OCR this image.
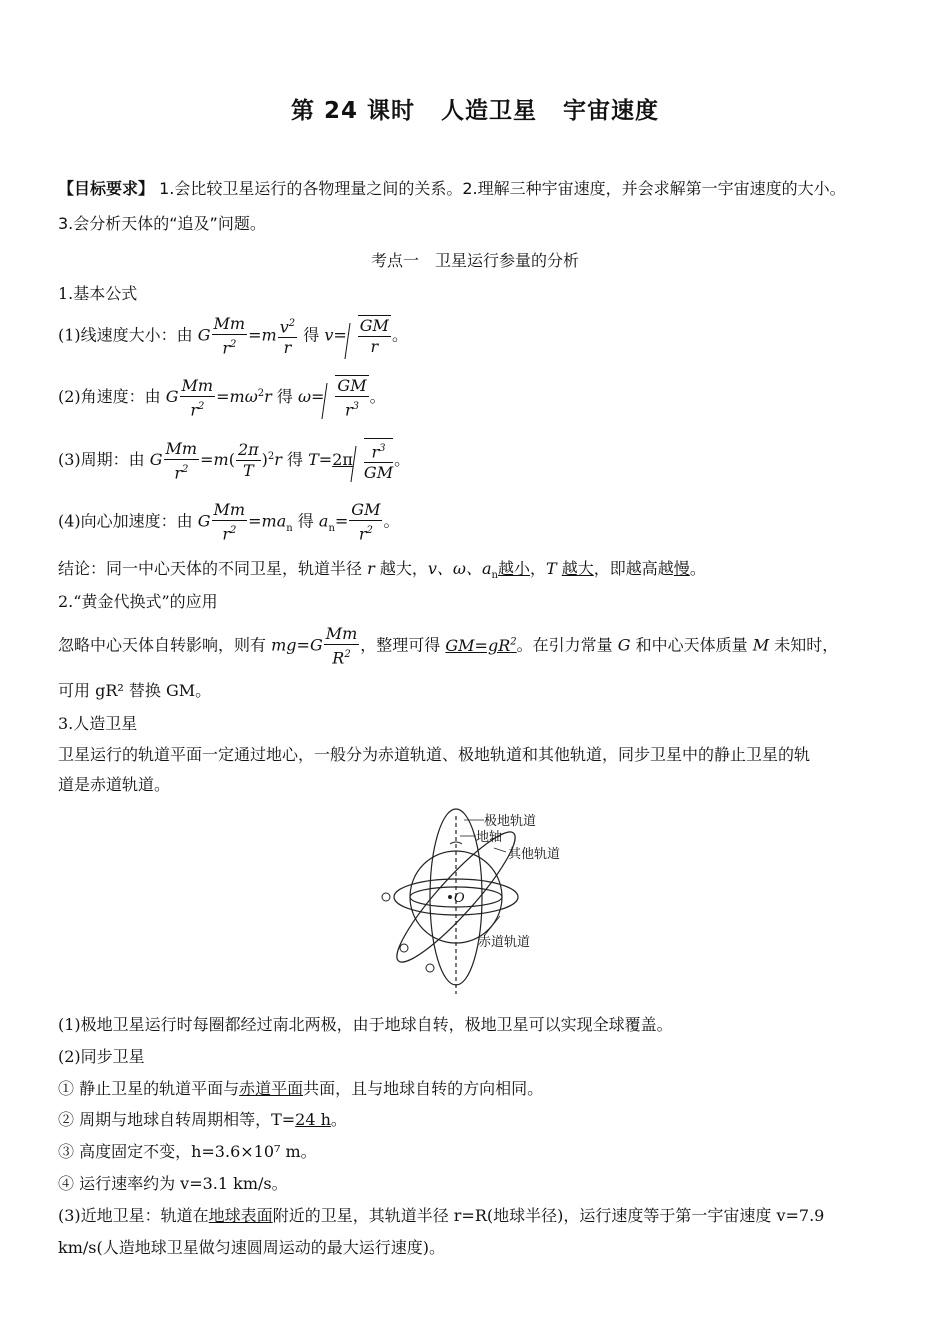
第 24 课时 人造卫星 宇宙速度
【目标要求】 1.会比较卫星运行的各物理量之间的关系。2.理解三种宇宙速度，并会求解第一宇宙速度的大小。
3.会分析天体的“追及”问题。
考点一　卫星运行参量的分析
1.基本公式
(1)线速度大小：由 G $\frac{Mm}{r^2} =m \frac{v^2}{r}$ 得 $v= \frac{GM}{r}$ 。
(2)角速度：由 G $\frac{Mm}{r^2} =m\omega^2r$ 得 $\omega= \frac{GM}{r^3}$ 。
(3)周期：由 G $\frac{Mm}{r^2} =m( \frac{2\pi}{T} )^2r$ 得 $T=2\pi \frac{r^3}{GM}$ 。
(4)向心加速度：由 G $\frac{Mm}{r^2} =ma_n$ 得 $a_n= \frac{GM}{r^2}$ 。
结论：同一中心天体的不同卫星，轨道半径 r 越大，v、ω、$a_n$越小，T 越大，即越高越慢。
2.“黄金代换式”的应用
忽略中心天体自转影响，则有 $mg=G \frac{Mm}{R^2}$ ，整理可得 $GM=gR^2$。在引力常量 G 和中心天体质量 M 未知时，
可用 gR² 替换 GM。
3.人造卫星
卫星运行的轨道平面一定通过地心，一般分为赤道轨道、极地轨道和其他轨道，同步卫星中的静止卫星的轨
道是赤道轨道。
极地轨道
地轴
其他轨道
O
赤道轨道
(1)极地卫星运行时每圈都经过南北两极，由于地球自转，极地卫星可以实现全球覆盖。
(2)同步卫星
① 静止卫星的轨道平面与赤道平面共面，且与地球自转的方向相同。
② 周期与地球自转周期相等，T=24 h。
③ 高度固定不变，h=3.6×10⁷ m。
④ 运行速率约为 v=3.1 km/s。
(3)近地卫星：轨道在地球表面附近的卫星，其轨道半径 r=R(地球半径)，运行速度等于第一宇宙速度 v=7.9
km/s(人造地球卫星做匀速圆周运动的最大运行速度)。
